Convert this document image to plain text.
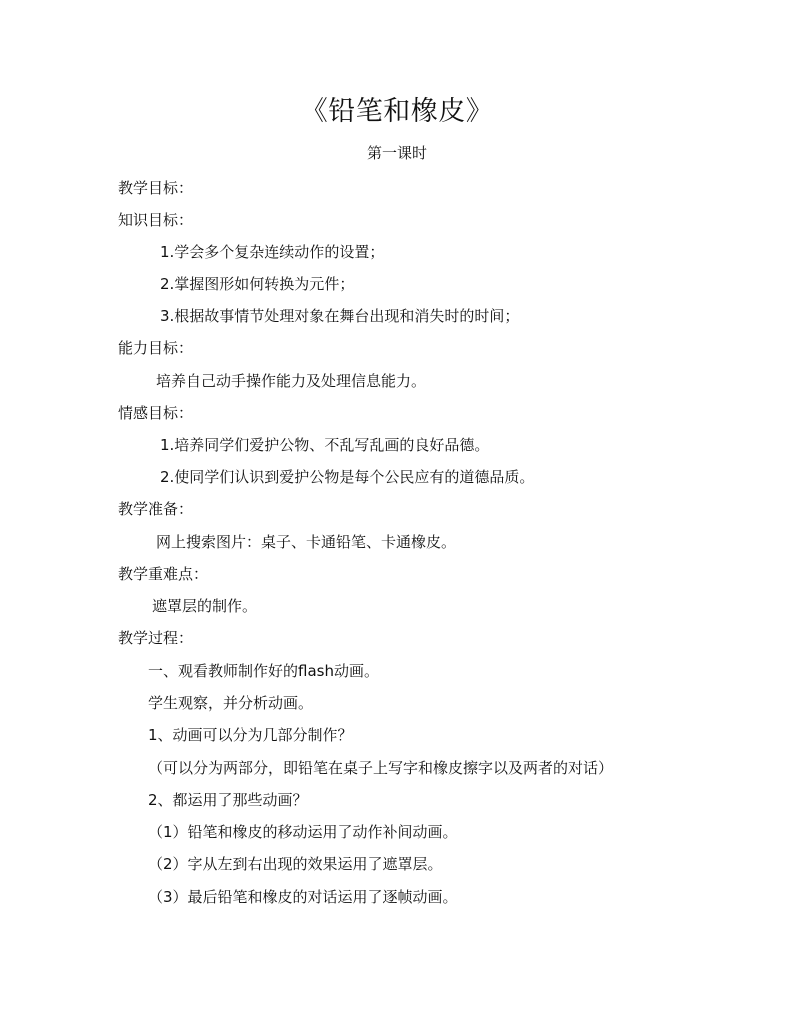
《铅笔和橡皮》
第一课时
教学目标：
知识目标：
1.学会多个复杂连续动作的设置；
2.掌握图形如何转换为元件；
3.根据故事情节处理对象在舞台出现和消失时的时间；
能力目标：
培养自己动手操作能力及处理信息能力。
情感目标：
1.培养同学们爱护公物、不乱写乱画的良好品德。
2.使同学们认识到爱护公物是每个公民应有的道德品质。
教学准备：
网上搜索图片：桌子、卡通铅笔、卡通橡皮。
教学重难点：
遮罩层的制作。
教学过程：
一、观看教师制作好的flash动画。
学生观察，并分析动画。
1、动画可以分为几部分制作？
（可以分为两部分，即铅笔在桌子上写字和橡皮擦字以及两者的对话）
2、都运用了那些动画？
（1）铅笔和橡皮的移动运用了动作补间动画。
（2）字从左到右出现的效果运用了遮罩层。
（3）最后铅笔和橡皮的对话运用了逐帧动画。
